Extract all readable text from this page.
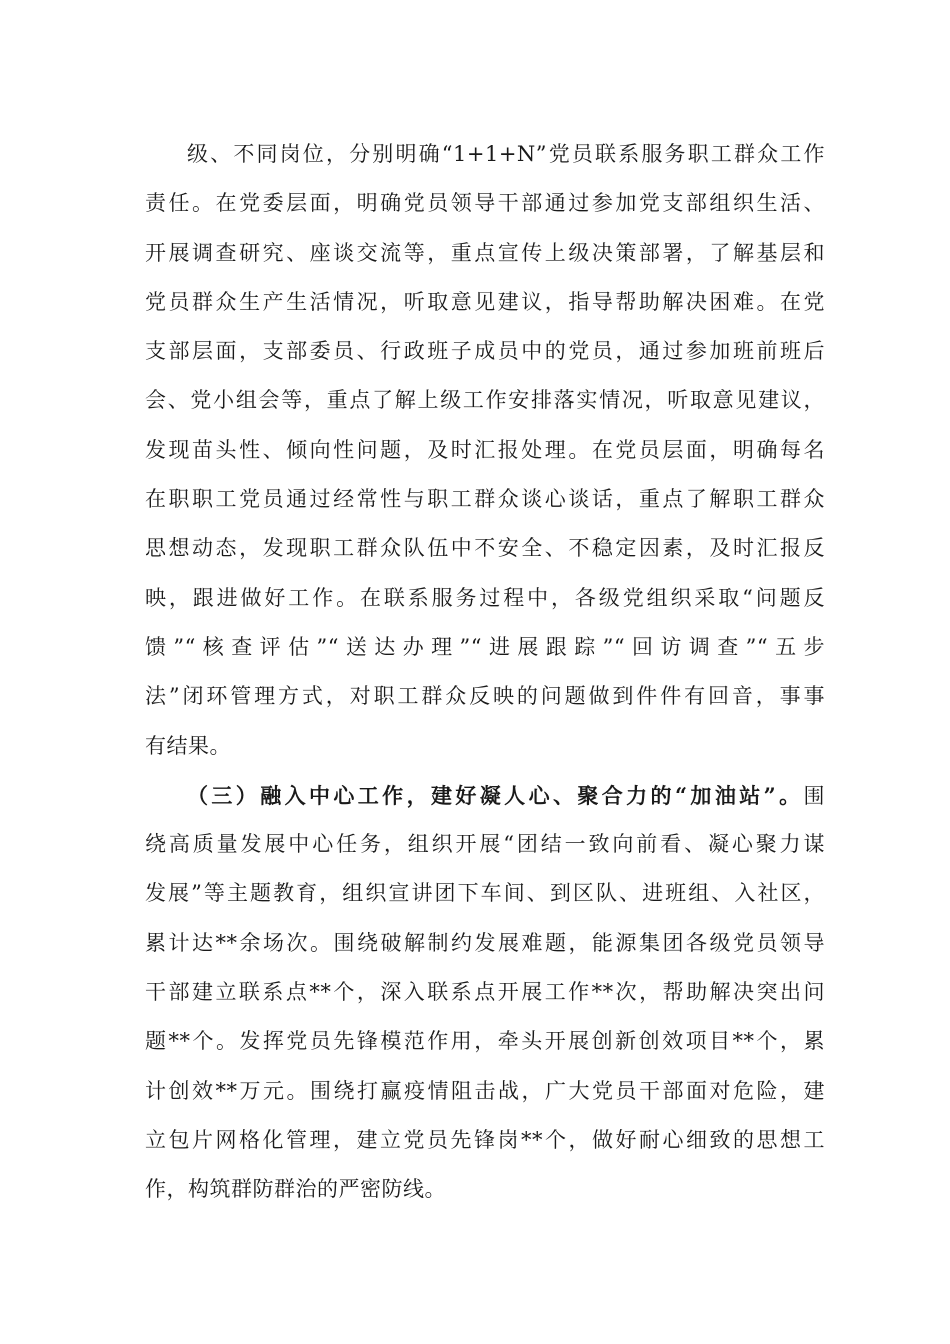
级、不同岗位，分别明确“1+1+N”党员联系服务职工群众工作
责任。在党委层面，明确党员领导干部通过参加党支部组织生活、
开展调查研究、座谈交流等，重点宣传上级决策部署，了解基层和
党员群众生产生活情况，听取意见建议，指导帮助解决困难。在党
支部层面，支部委员、行政班子成员中的党员，通过参加班前班后
会、党小组会等，重点了解上级工作安排落实情况，听取意见建议，
发现苗头性、倾向性问题，及时汇报处理。在党员层面，明确每名
在职职工党员通过经常性与职工群众谈心谈话，重点了解职工群众
思想动态，发现职工群众队伍中不安全、不稳定因素，及时汇报反
映，跟进做好工作。在联系服务过程中，各级党组织采取“问题反
馈”“核查评估”“送达办理”“进展跟踪”“回访调查”“五步
法”闭环管理方式，对职工群众反映的问题做到件件有回音，事事
有结果。
（三）融入中心工作，建好凝人心、聚合力的“加油站”。围
绕高质量发展中心任务，组织开展“团结一致向前看、凝心聚力谋
发展”等主题教育，组织宣讲团下车间、到区队、进班组、入社区，
累计达**余场次。围绕破解制约发展难题，能源集团各级党员领导
干部建立联系点**个，深入联系点开展工作**次，帮助解决突出问
题**个。发挥党员先锋模范作用，牵头开展创新创效项目**个，累
计创效**万元。围绕打赢疫情阻击战，广大党员干部面对危险，建
立包片网格化管理，建立党员先锋岗**个，做好耐心细致的思想工
作，构筑群防群治的严密防线。
